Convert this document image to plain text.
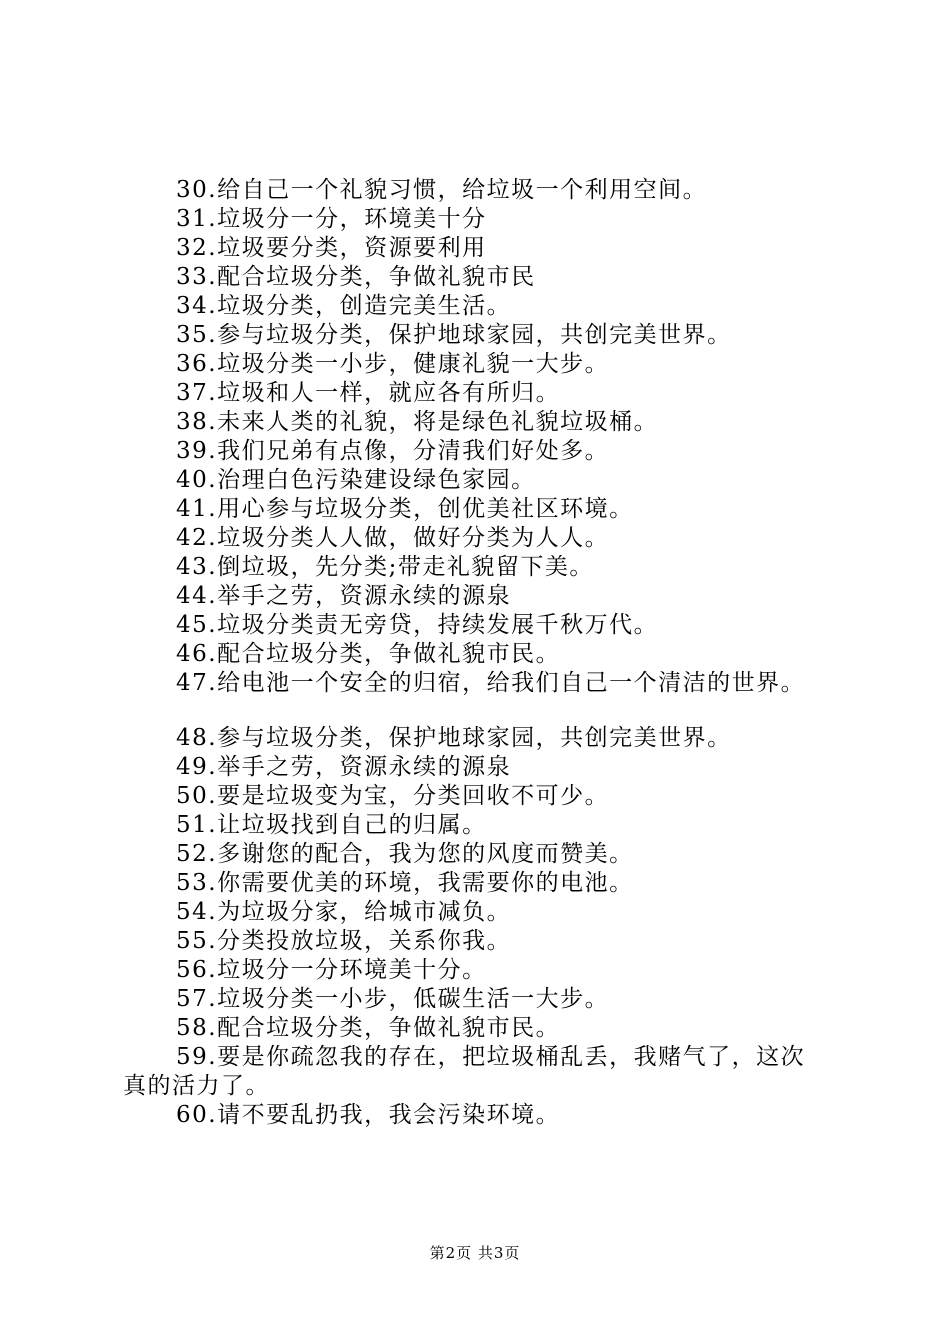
30.给自己一个礼貌习惯，给垃圾一个利用空间。
31.垃圾分一分，环境美十分
32.垃圾要分类，资源要利用
33.配合垃圾分类，争做礼貌市民
34.垃圾分类，创造完美生活。
35.参与垃圾分类，保护地球家园，共创完美世界。
36.垃圾分类一小步，健康礼貌一大步。
37.垃圾和人一样，就应各有所归。
38.未来人类的礼貌，将是绿色礼貌垃圾桶。
39.我们兄弟有点像，分清我们好处多。
40.治理白色污染建设绿色家园。
41.用心参与垃圾分类，创优美社区环境。
42.垃圾分类人人做，做好分类为人人。
43.倒垃圾，先分类;带走礼貌留下美。
44.举手之劳，资源永续的源泉
45.垃圾分类责无旁贷，持续发展千秋万代。
46.配合垃圾分类，争做礼貌市民。
47.给电池一个安全的归宿，给我们自己一个清洁的世界。
48.参与垃圾分类，保护地球家园，共创完美世界。
49.举手之劳，资源永续的源泉
50.要是垃圾变为宝，分类回收不可少。
51.让垃圾找到自己的归属。
52.多谢您的配合，我为您的风度而赞美。
53.你需要优美的环境，我需要你的电池。
54.为垃圾分家，给城市减负。
55.分类投放垃圾，关系你我。
56.垃圾分一分环境美十分。
57.垃圾分类一小步，低碳生活一大步。
58.配合垃圾分类，争做礼貌市民。
59.要是你疏忽我的存在，把垃圾桶乱丢，我赌气了，这次
真的活力了。
60.请不要乱扔我，我会污染环境。
第2页 共3页
